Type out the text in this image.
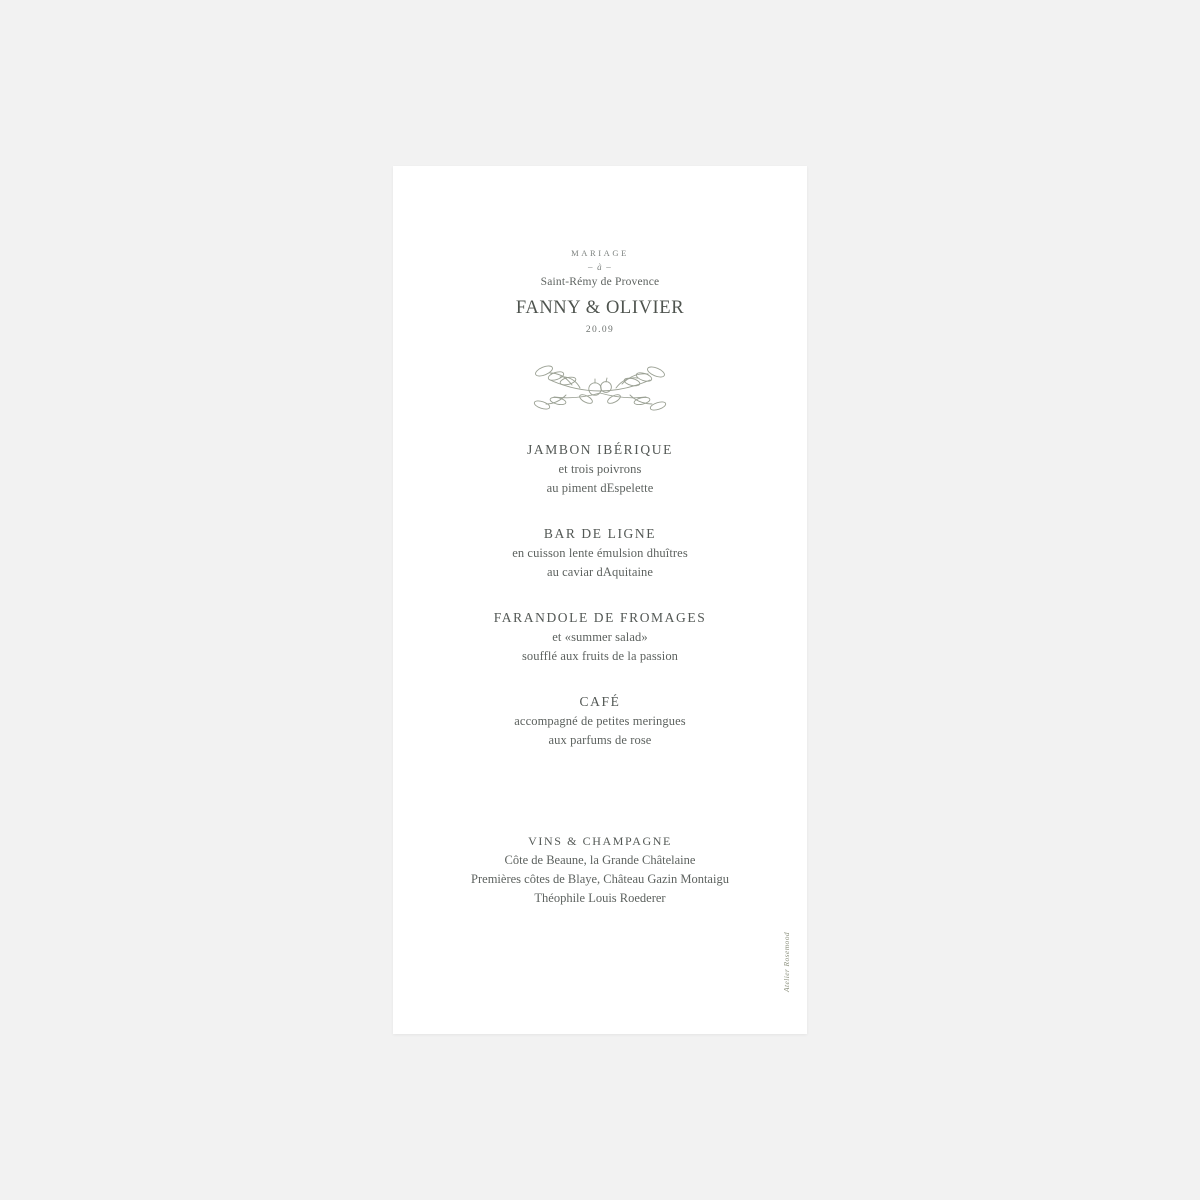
MARIAGE
– à –
Saint-Rémy de Provence
FANNY & OLIVIER
20.09
JAMBON IBÉRIQUE
et trois poivrons
au piment dEspelette
BAR DE LIGNE
en cuisson lente émulsion dhuîtres
au caviar dAquitaine
FARANDOLE DE FROMAGES
et «summer salad»
soufflé aux fruits de la passion
CAFÉ
accompagné de petites meringues
aux parfums de rose
VINS & CHAMPAGNE
Côte de Beaune, la Grande Châtelaine
Premières côtes de Blaye, Château Gazin Montaigu
Théophile Louis Roederer
Atelier Rosemood
